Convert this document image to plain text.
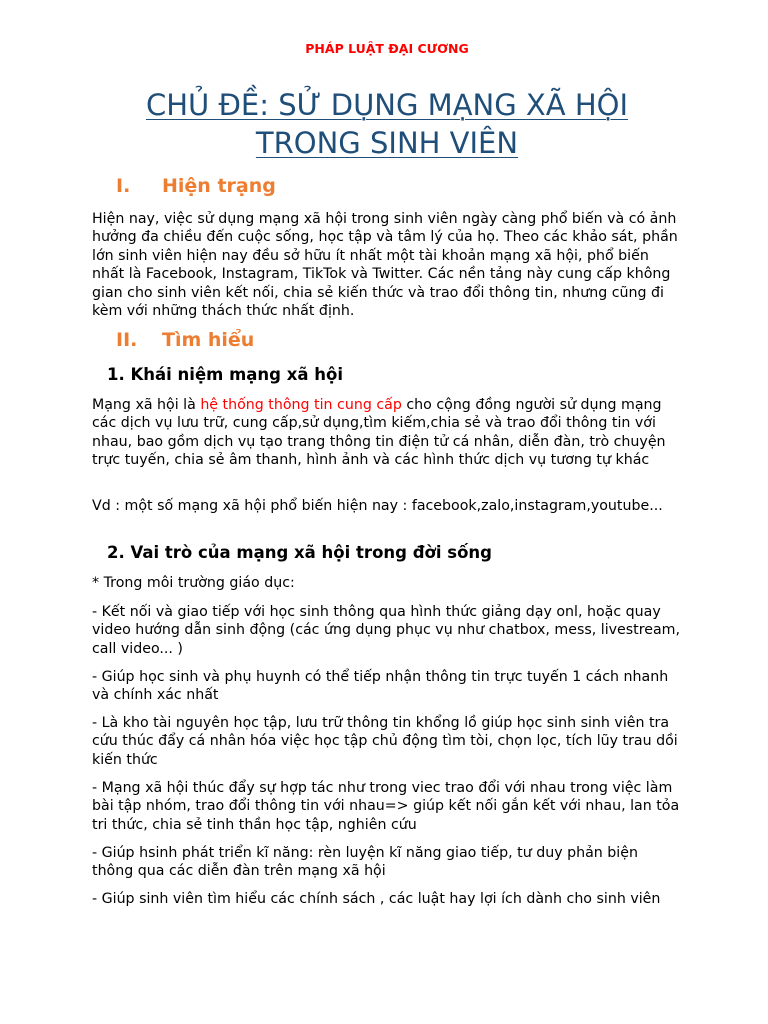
PHÁP LUẬT ĐẠI CƯƠNG

CHỦ ĐỀ: SỬ DỤNG MẠNG XÃ HỘI
TRONG SINH VIÊN
I. Hiện trạng

Hiện nay, việc sử dụng mạng xã hội trong sinh viên ngày càng phổ biến và có ảnh hưởng đa chiều đến cuộc sống, học tập và tâm lý của họ. Theo các khảo sát, phần lớn sinh viên hiện nay đều sở hữu ít nhất một tài khoản mạng xã hội, phổ biến nhất là Facebook, Instagram, TikTok và Twitter. Các nền tảng này cung cấp không gian cho sinh viên kết nối, chia sẻ kiến thức và trao đổi thông tin, nhưng cũng đi kèm với những thách thức nhất định.

II. Tìm hiểu
1. Khái niệm mạng xã hội

Mạng xã hội là hệ thống thông tin cung cấp cho cộng đồng người sử dụng mạng các dịch vụ lưu trữ, cung cấp,sử dụng,tìm kiếm,chia sẻ và trao đổi thông tin với nhau, bao gồm dịch vụ tạo trang thông tin điện tử cá nhân, diễn đàn, trò chuyện trực tuyến, chia sẻ âm thanh, hình ảnh và các hình thức dịch vụ tương tự khác

Vd : một số mạng xã hội phổ biến hiện nay : facebook,zalo,instagram,youtube...

2. Vai trò của mạng xã hội trong đời sống

* Trong môi trường giáo dục:

- Kết nối và giao tiếp với học sinh thông qua hình thức giảng dạy onl, hoặc quay video hướng dẫn sinh động (các ứng dụng phục vụ như chatbox, mess, livestream, call video... )

- Giúp học sinh và phụ huynh có thể tiếp nhận thông tin trực tuyến 1 cách nhanh và chính xác nhất

- Là kho tài nguyên học tập, lưu trữ thông tin khổng lồ giúp học sinh sinh viên tra cứu thúc đẩy cá nhân hóa việc học tập chủ động tìm tòi, chọn lọc, tích lũy trau dồi kiến thức

- Mạng xã hội thúc đẩy sự hợp tác như trong viec trao đổi với nhau trong việc làm bài tập nhóm, trao đổi thông tin với nhau=> giúp kết nối gắn kết với nhau, lan tỏa tri thức, chia sẻ tinh thần học tập, nghiên cứu

- Giúp hsinh phát triển kĩ năng: rèn luyện kĩ năng giao tiếp, tư duy phản biện thông qua các diễn đàn trên mạng xã hội

- Giúp sinh viên tìm hiểu các chính sách , các luật hay lợi ích dành cho sinh viên
